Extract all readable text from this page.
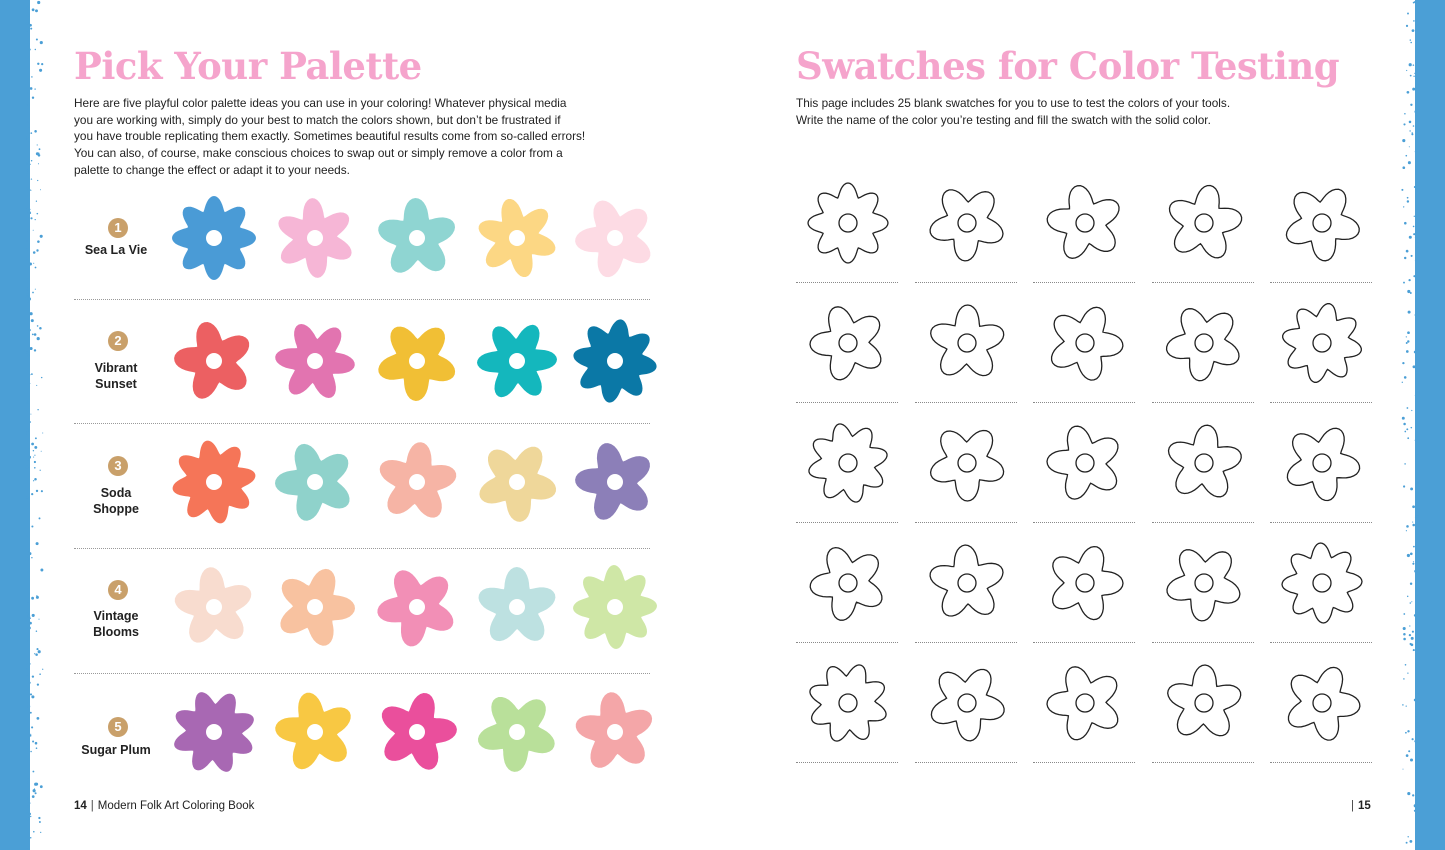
Pick Your Palette
Here are five playful color palette ideas you can use in your coloring! Whatever physical media
you are working with, simply do your best to match the colors shown, but don’t be frustrated if
you have trouble replicating them exactly. Sometimes beautiful results come from so-called errors!
You can also, of course, make conscious choices to swap out or simply remove a color from a
palette to change the effect or adapt it to your needs.
1
Sea La Vie
2
Vibrant
Sunset
3
Soda
Shoppe
4
Vintage
Blooms
5
Sugar Plum
14 | Modern Folk Art Coloring Book
Swatches for Color Testing
This page includes 25 blank swatches for you to use to test the colors of your tools.
Write the name of the color you’re testing and fill the swatch with the solid color.
| 15
